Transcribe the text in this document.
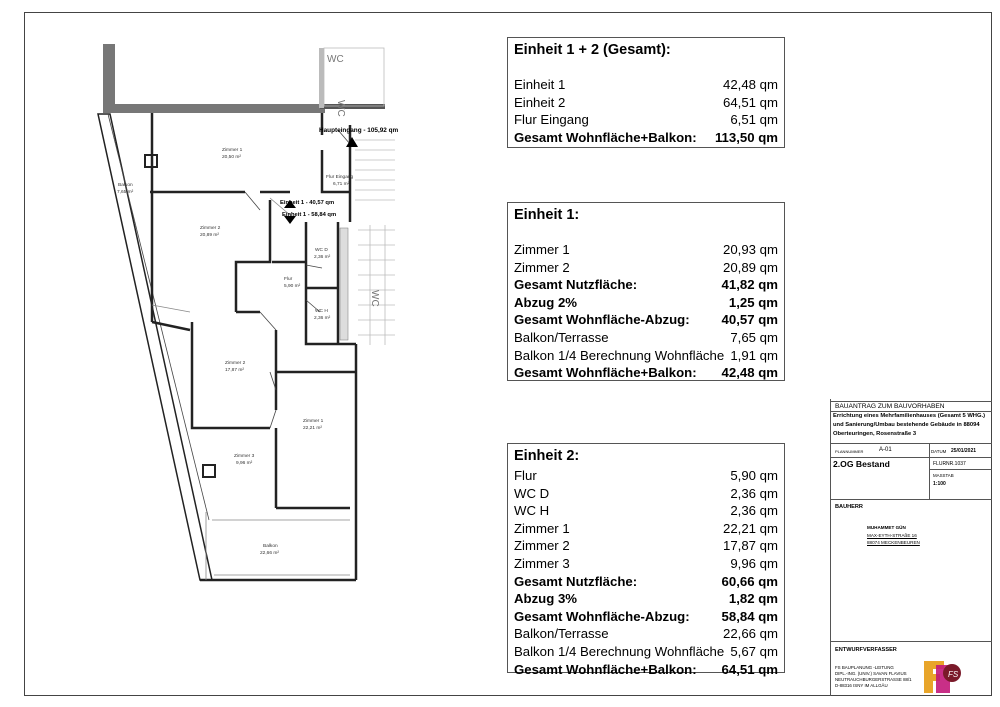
WC
WC
WC
Haupteingang - 105,92 qm
Einheit 1 - 40,57 qm
Einheit 1 - 58,84 qm
Zimmer 1
20,50 m²
Flur Eingang
6,71 m²
Balkon
7,65 m²
Zimmer 2
20,89 m²
WC D
2,36 m²
Flur
5,90 m²
WC H
2,36 m²
Zimmer 2
17,87 m²
Zimmer 1
22,21 m²
Zimmer 3
9,96 m²
Balkon
22,66 m²
Einheit 1 + 2 (Gesamt):
Einheit 1	42,48 qm
Einheit 2	64,51 qm
Flur Eingang	6,51 qm
Gesamt Wohnfläche+Balkon: 113,50 qm
Einheit 1:
Zimmer 1	20,93 qm
Zimmer 2	20,89 qm
Gesamt Nutzfläche:	41,82 qm
Abzug 2%	1,25 qm
Gesamt Wohnfläche-Abzug: 40,57 qm
Balkon/Terrasse	7,65 qm
Balkon 1/4 Berechnung Wohnfläche 1,91 qm
Gesamt Wohnfläche+Balkon: 42,48 qm
Einheit 2:
Flur	5,90 qm
WC D	2,36 qm
WC H	2,36 qm
Zimmer 1	22,21 qm
Zimmer 2	17,87 qm
Zimmer 3	9,96 qm
Gesamt Nutzfläche:	60,66 qm
Abzug 3%	1,82 qm
Gesamt Wohnfläche-Abzug: 58,84 qm
Balkon/Terrasse	22,66 qm
Balkon 1/4 Berechnung Wohnfläche 5,67 qm
Gesamt Wohnfläche+Balkon: 64,51 qm
BAUANTRAG ZUM BAUVORHABEN
Errichtung eines Mehrfamilienhauses (Gesamt 5 WHG.)
und Sanierung/Umbau bestehende Gebäude in 88094
Oberteuringen, Rosenstraße 3
PLANNUMMER	A-01	DATUM 25/01/2021
2.OG Bestand	FLURNR.1037
MASSTAB
1:100
BAUHERR
MUHAMMET GÜN
MAX-EYTH-STRAßE 16
88074 MECKENBEUREN
ENTWURFVERFASSER
FS BAUPLANUNG -LEITUNG
DIPL.-ING. (UNIV.) SAVAN FLAVIUS
NEUTRAUCHBURGERSTRASSE 88/1
D-88316 ISNY IM ALLGÄU
FS
